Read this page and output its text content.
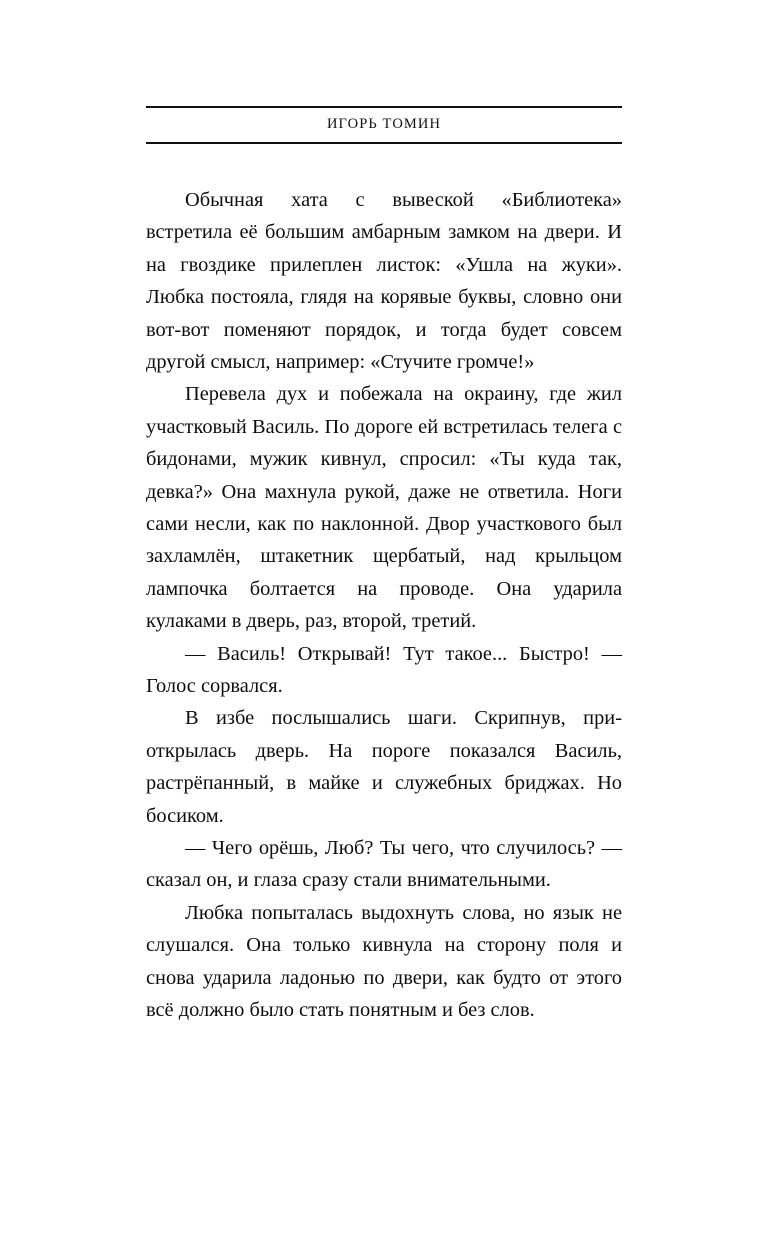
ИГОРЬ ТОМИН

Обычная хата с вывеской «Библиотека» встретила её большим амбарным замком на двери. И на гвоздике прилеплен листок: «Ушла на жуки». Любка постояла, глядя на корявые буквы, словно они вот-вот поменяют порядок, и тогда будет совсем другой смысл, например: «Стучите громче!»

Перевела дух и побежала на окраину, где жил участковый Василь. По дороге ей встретилась телега с бидонами, мужик кивнул, спросил: «Ты куда так, девка?» Она махнула рукой, даже не ответила. Ноги сами несли, как по наклонной. Двор участкового был захламлён, штакетник щербатый, над крыльцом лампочка болтается на проводе. Она ударила кулаками в дверь, раз, второй, третий.

— Василь! Открывай! Тут такое... Быстро! — Голос сорвался.

В избе послышались шаги. Скрипнув, приоткрылась дверь. На пороге показался Василь, растрёпанный, в майке и служебных бриджах. Но босиком.

— Чего орёшь, Люб? Ты чего, что случилось? — сказал он, и глаза сразу стали внимательными.

Любка попыталась выдохнуть слова, но язык не слушался. Она только кивнула на сторону поля и снова ударила ладонью по двери, как будто от этого всё должно было стать понятным и без слов.
